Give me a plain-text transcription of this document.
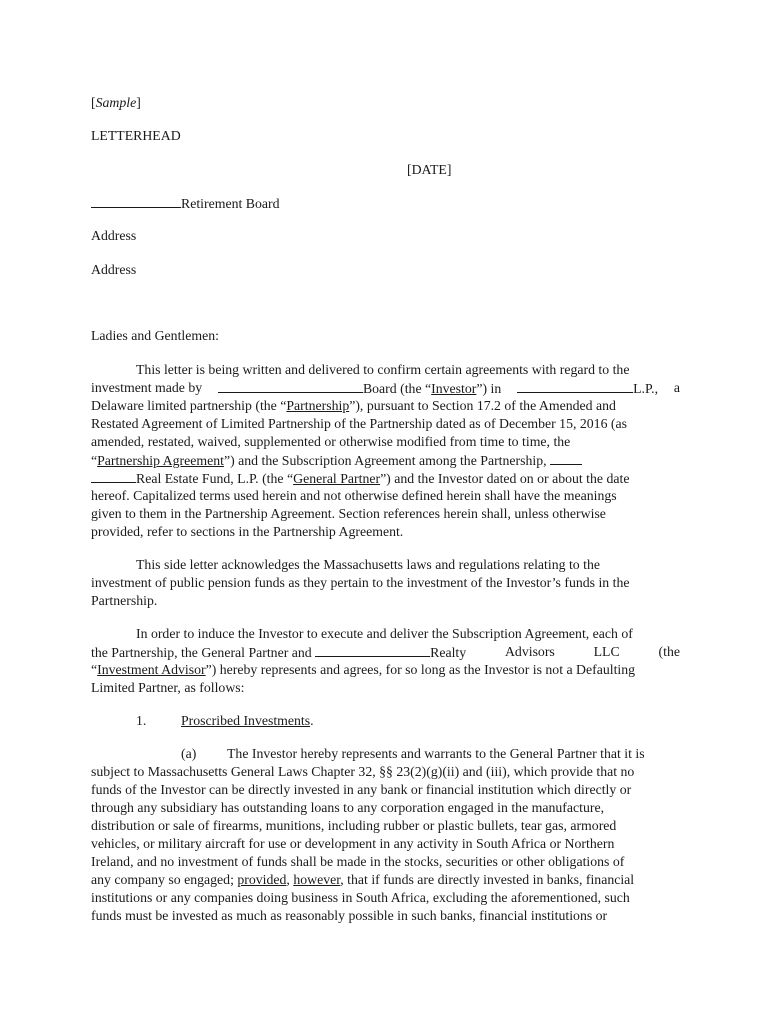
[Sample]
LETTERHEAD
[DATE]
Retirement Board
Address
Address
Ladies and Gentlemen:
This letter is being written and delivered to confirm certain agreements with regard to the
investment made by	Board (the “Investor”) in	L.P., a
Delaware limited partnership (the “Partnership”), pursuant to Section 17.2 of the Amended and
Restated Agreement of Limited Partnership of the Partnership dated as of December 15, 2016 (as
amended, restated, waived, supplemented or otherwise modified from time to time, the
“Partnership Agreement”) and the Subscription Agreement among the Partnership,
Real Estate Fund, L.P. (the “General Partner”) and the Investor dated on or about the date
hereof. Capitalized terms used herein and not otherwise defined herein shall have the meanings
given to them in the Partnership Agreement. Section references herein shall, unless otherwise
provided, refer to sections in the Partnership Agreement.
This side letter acknowledges the Massachusetts laws and regulations relating to the
investment of public pension funds as they pertain to the investment of the Investor’s funds in the
Partnership.
In order to induce the Investor to execute and deliver the Subscription Agreement, each of
the Partnership, the General Partner and	Realty	Advisors	LLC	(the
“Investment Advisor”) hereby represents and agrees, for so long as the Investor is not a Defaulting
Limited Partner, as follows:
1.	Proscribed Investments.
(a) The Investor hereby represents and warrants to the General Partner that it is
subject to Massachusetts General Laws Chapter 32, §§ 23(2)(g)(ii) and (iii), which provide that no
funds of the Investor can be directly invested in any bank or financial institution which directly or
through any subsidiary has outstanding loans to any corporation engaged in the manufacture,
distribution or sale of firearms, munitions, including rubber or plastic bullets, tear gas, armored
vehicles, or military aircraft for use or development in any activity in South Africa or Northern
Ireland, and no investment of funds shall be made in the stocks, securities or other obligations of
any company so engaged; provided, however, that if funds are directly invested in banks, financial
institutions or any companies doing business in South Africa, excluding the aforementioned, such
funds must be invested as much as reasonably possible in such banks, financial institutions or
